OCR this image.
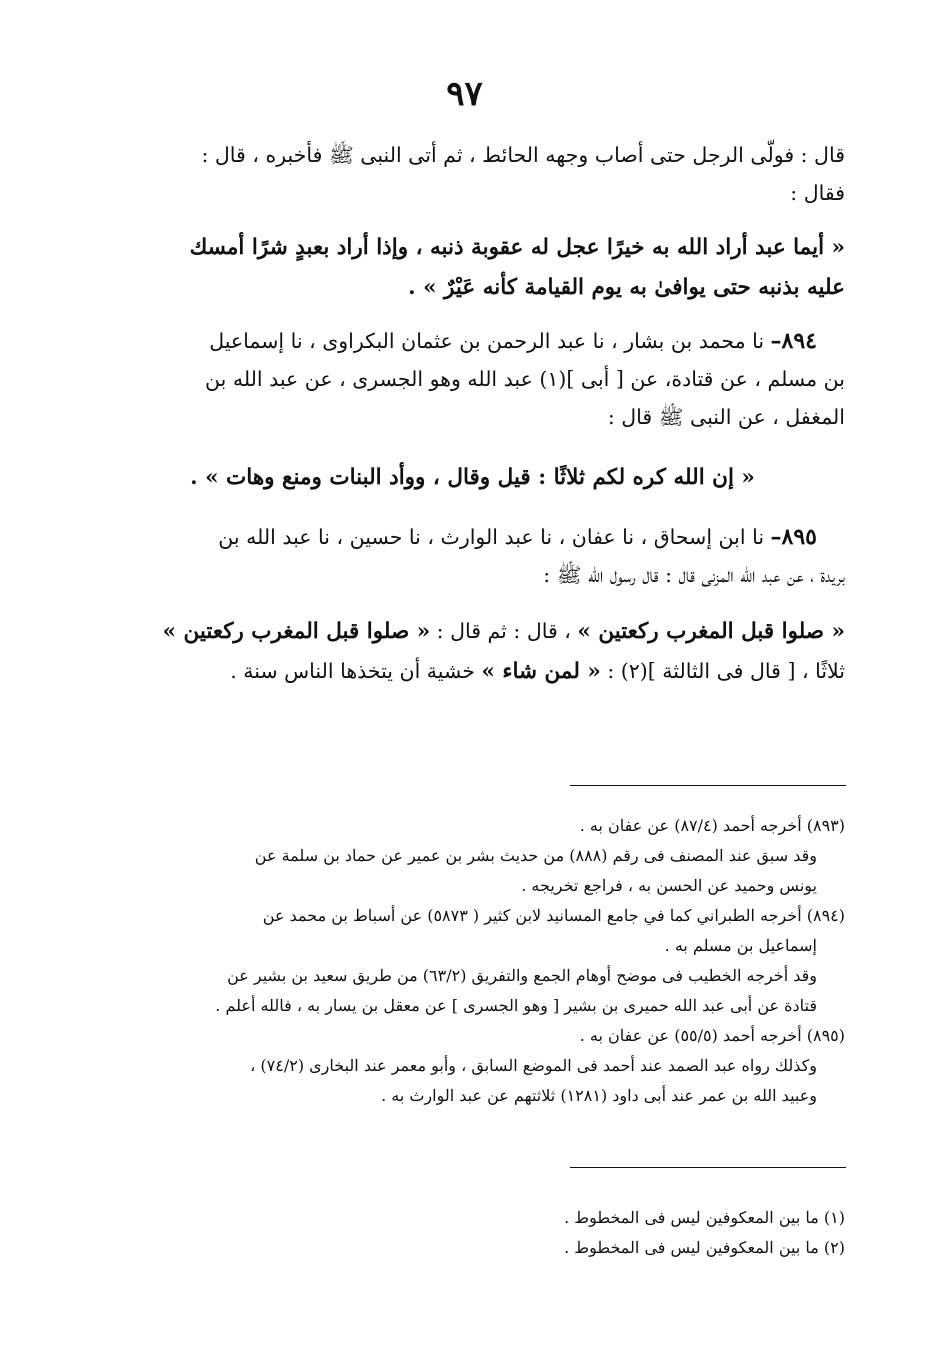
٩٧

قال : فولّى الرجل حتى أصاب وجهه الحائط ، ثم أتى النبى ﷺ فأخبره ، قال :

فقال :

« أيما عبد أراد الله به خيرًا عجل له عقوبة ذنبه ، وإذا أراد بعبدٍ شرًا أمسك

عليه بذنبه حتى يوافىٰ به يوم القيامة كأنه عَيْرٌ » .

٨٩٤– نا محمد بن بشار ، نا عبد الرحمن بن عثمان البكراوى ، نا إسماعيل

بن مسلم ، عن قتادة، عن [ أبى ](١) عبد الله وهو الجسرى ، عن عبد الله بن

المغفل ، عن النبى ﷺ قال :

« إن الله كره لكم ثلاثًا : قيل وقال ، ووأد البنات ومنع وهات » .

٨٩٥– نا ابن إسحاق ، نا عفان ، نا عبد الوارث ، نا حسين ، نا عبد الله بن

بريدة ، عن عبد الله المزنى قال : قال رسول الله ﷺ :

« صلوا قبل المغرب ركعتين » ، قال : ثم قال : « صلوا قبل المغرب ركعتين »

ثلاثًا ، [ قال فى الثالثة ](٢) : « لمن شاء » خشية أن يتخذها الناس سنة .

(٨٩٣) أخرجه أحمد (٨٧/٤) عن عفان به .

وقد سبق عند المصنف فى رقم (٨٨٨) من حديث بشر بن عمير عن حماد بن سلمة عن

يونس وحميد عن الحسن به ، فراجع تخريجه .

(٨٩٤) أخرجه الطبراني كما في جامع المسانيد لابن كثير ( ٥٨٧٣) عن أسباط بن محمد عن

إسماعيل بن مسلم به .

وقد أخرجه الخطيب فى موضح أوهام الجمع والتفريق (٦٣/٢) من طريق سعيد بن بشير عن

قتادة عن أبى عبد الله حميرى بن بشير [ وهو الجسرى ] عن معقل بن يسار به ، فالله أعلم .

(٨٩٥) أخرجه أحمد (٥٥/٥) عن عفان به .

وكذلك رواه عبد الصمد عند أحمد فى الموضع السابق ، وأبو معمر عند البخارى (٧٤/٢) ،

وعبيد الله بن عمر عند أبى داود (١٢٨١) ثلاثتهم عن عبد الوارث به .

(١) ما بين المعكوفين ليس فى المخطوط .

(٢) ما بين المعكوفين ليس فى المخطوط .
